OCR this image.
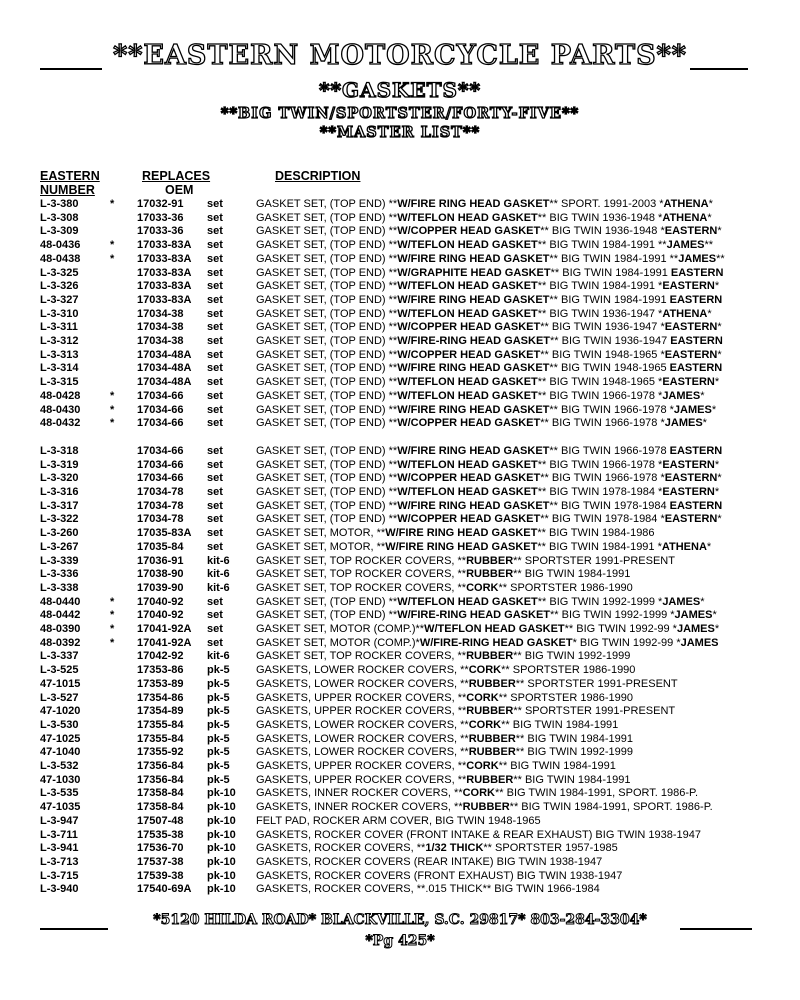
**EASTERN MOTORCYCLE PARTS**
**GASKETS**
**BIG TWIN/SPORTSTER/FORTY-FIVE**
**MASTER LIST**
EASTERN
NUMBER
REPLACES
OEM
DESCRIPTION
L-3-380	* 17032-91 set	GASKET SET, (TOP END) **W/FIRE RING HEAD GASKET** SPORT. 1991-2003 *ATHENA*
L-3-308	17033-36 set	GASKET SET, (TOP END) **W/TEFLON HEAD GASKET** BIG TWIN 1936-1948 *ATHENA*
L-3-309	17033-36 set	GASKET SET, (TOP END) **W/COPPER HEAD GASKET** BIG TWIN 1936-1948 *EASTERN*
48-0436	* 17033-83A set	GASKET SET, (TOP END) **W/TEFLON HEAD GASKET** BIG TWIN 1984-1991 **JAMES**
48-0438	* 17033-83A set	GASKET SET, (TOP END) **W/FIRE RING HEAD GASKET** BIG TWIN 1984-1991 **JAMES**
L-3-325	17033-83A set	GASKET SET, (TOP END) **W/GRAPHITE HEAD GASKET** BIG TWIN 1984-1991 EASTERN
L-3-326	17033-83A set	GASKET SET, (TOP END) **W/TEFLON HEAD GASKET** BIG TWIN 1984-1991 *EASTERN*
L-3-327	17033-83A set	GASKET SET, (TOP END) **W/FIRE RING HEAD GASKET** BIG TWIN 1984-1991 EASTERN
L-3-310	17034-38 set	GASKET SET, (TOP END) **W/TEFLON HEAD GASKET** BIG TWIN 1936-1947 *ATHENA*
L-3-311	17034-38 set	GASKET SET, (TOP END) **W/COPPER HEAD GASKET** BIG TWIN 1936-1947 *EASTERN*
L-3-312	17034-38 set	GASKET SET, (TOP END) **W/FIRE-RING HEAD GASKET** BIG TWIN 1936-1947 EASTERN
L-3-313	17034-48A set	GASKET SET, (TOP END) **W/COPPER HEAD GASKET** BIG TWIN 1948-1965 *EASTERN*
L-3-314	17034-48A set	GASKET SET, (TOP END) **W/FIRE RING HEAD GASKET** BIG TWIN 1948-1965 EASTERN
L-3-315	17034-48A set	GASKET SET, (TOP END) **W/TEFLON HEAD GASKET** BIG TWIN 1948-1965 *EASTERN*
48-0428	* 17034-66 set	GASKET SET, (TOP END) **W/TEFLON HEAD GASKET** BIG TWIN 1966-1978 *JAMES*
48-0430	* 17034-66 set	GASKET SET, (TOP END) **W/FIRE RING HEAD GASKET** BIG TWIN 1966-1978 *JAMES*
48-0432	* 17034-66 set	GASKET SET, (TOP END) **W/COPPER HEAD GASKET** BIG TWIN 1966-1978 *JAMES*
L-3-318	17034-66 set	GASKET SET, (TOP END) **W/FIRE RING HEAD GASKET** BIG TWIN 1966-1978 EASTERN
L-3-319	17034-66 set	GASKET SET, (TOP END) **W/TEFLON HEAD GASKET** BIG TWIN 1966-1978 *EASTERN*
L-3-320	17034-66 set	GASKET SET, (TOP END) **W/COPPER HEAD GASKET** BIG TWIN 1966-1978 *EASTERN*
L-3-316	17034-78 set	GASKET SET, (TOP END) **W/TEFLON HEAD GASKET** BIG TWIN 1978-1984 *EASTERN*
L-3-317	17034-78 set	GASKET SET, (TOP END) **W/FIRE RING HEAD GASKET** BIG TWIN 1978-1984 EASTERN
L-3-322	17034-78 set	GASKET SET, (TOP END) **W/COPPER HEAD GASKET** BIG TWIN 1978-1984 *EASTERN*
L-3-260	17035-83A set	GASKET SET, MOTOR, **W/FIRE RING HEAD GASKET** BIG TWIN 1984-1986
L-3-267	17035-84 set	GASKET SET, MOTOR, **W/FIRE RING HEAD GASKET** BIG TWIN 1984-1991 *ATHENA*
L-3-339	17036-91 kit-6 GASKET SET, TOP ROCKER COVERS, **RUBBER** SPORTSTER 1991-PRESENT
L-3-336	17038-90 kit-6 GASKET SET, TOP ROCKER COVERS, **RUBBER** BIG TWIN 1984-1991
L-3-338	17039-90 kit-6 GASKET SET, TOP ROCKER COVERS, **CORK** SPORTSTER 1986-1990
48-0440	* 17040-92 set	GASKET SET, (TOP END) **W/TEFLON HEAD GASKET** BIG TWIN 1992-1999 *JAMES*
48-0442	* 17040-92 set	GASKET SET, (TOP END) **W/FIRE-RING HEAD GASKET** BIG TWIN 1992-1999 *JAMES*
48-0390	* 17041-92A set	GASKET SET, MOTOR (COMP.)**W/TEFLON HEAD GASKET** BIG TWIN 1992-99 *JAMES*
48-0392	* 17041-92A set	GASKET SET, MOTOR (COMP.)*W/FIRE-RING HEAD GASKET* BIG TWIN 1992-99 *JAMES
L-3-337	17042-92 kit-6 GASKET SET, TOP ROCKER COVERS, **RUBBER** BIG TWIN 1992-1999
L-3-525	17353-86 pk-5 GASKETS, LOWER ROCKER COVERS, **CORK** SPORTSTER 1986-1990
47-1015	17353-89 pk-5 GASKETS, LOWER ROCKER COVERS, **RUBBER** SPORTSTER 1991-PRESENT
L-3-527	17354-86 pk-5 GASKETS, UPPER ROCKER COVERS, **CORK** SPORTSTER 1986-1990
47-1020	17354-89 pk-5 GASKETS, UPPER ROCKER COVERS, **RUBBER** SPORTSTER 1991-PRESENT
L-3-530	17355-84 pk-5 GASKETS, LOWER ROCKER COVERS, **CORK** BIG TWIN 1984-1991
47-1025	17355-84 pk-5 GASKETS, LOWER ROCKER COVERS, **RUBBER** BIG TWIN 1984-1991
47-1040	17355-92 pk-5 GASKETS, LOWER ROCKER COVERS, **RUBBER** BIG TWIN 1992-1999
L-3-532	17356-84 pk-5 GASKETS, UPPER ROCKER COVERS, **CORK** BIG TWIN 1984-1991
47-1030	17356-84 pk-5 GASKETS, UPPER ROCKER COVERS, **RUBBER** BIG TWIN 1984-1991
L-3-535	17358-84 pk-10 GASKETS, INNER ROCKER COVERS, **CORK** BIG TWIN 1984-1991, SPORT. 1986-P.
47-1035	17358-84 pk-10 GASKETS, INNER ROCKER COVERS, **RUBBER** BIG TWIN 1984-1991, SPORT. 1986-P.
L-3-947	17507-48 pk-10 FELT PAD, ROCKER ARM COVER, BIG TWIN 1948-1965
L-3-711	17535-38 pk-10 GASKETS, ROCKER COVER (FRONT INTAKE & REAR EXHAUST) BIG TWIN 1938-1947
L-3-941	17536-70 pk-10 GASKETS, ROCKER COVERS, **1/32 THICK** SPORTSTER 1957-1985
L-3-713	17537-38 pk-10 GASKETS, ROCKER COVERS (REAR INTAKE) BIG TWIN 1938-1947
L-3-715	17539-38 pk-10 GASKETS, ROCKER COVERS (FRONT EXHAUST) BIG TWIN 1938-1947
L-3-940	17540-69A pk-10 GASKETS, ROCKER COVERS, **.015 THICK** BIG TWIN 1966-1984
*5120 HILDA ROAD* BLACKVILLE, S.C. 29817* 803-284-3304*
*Pg 425*
